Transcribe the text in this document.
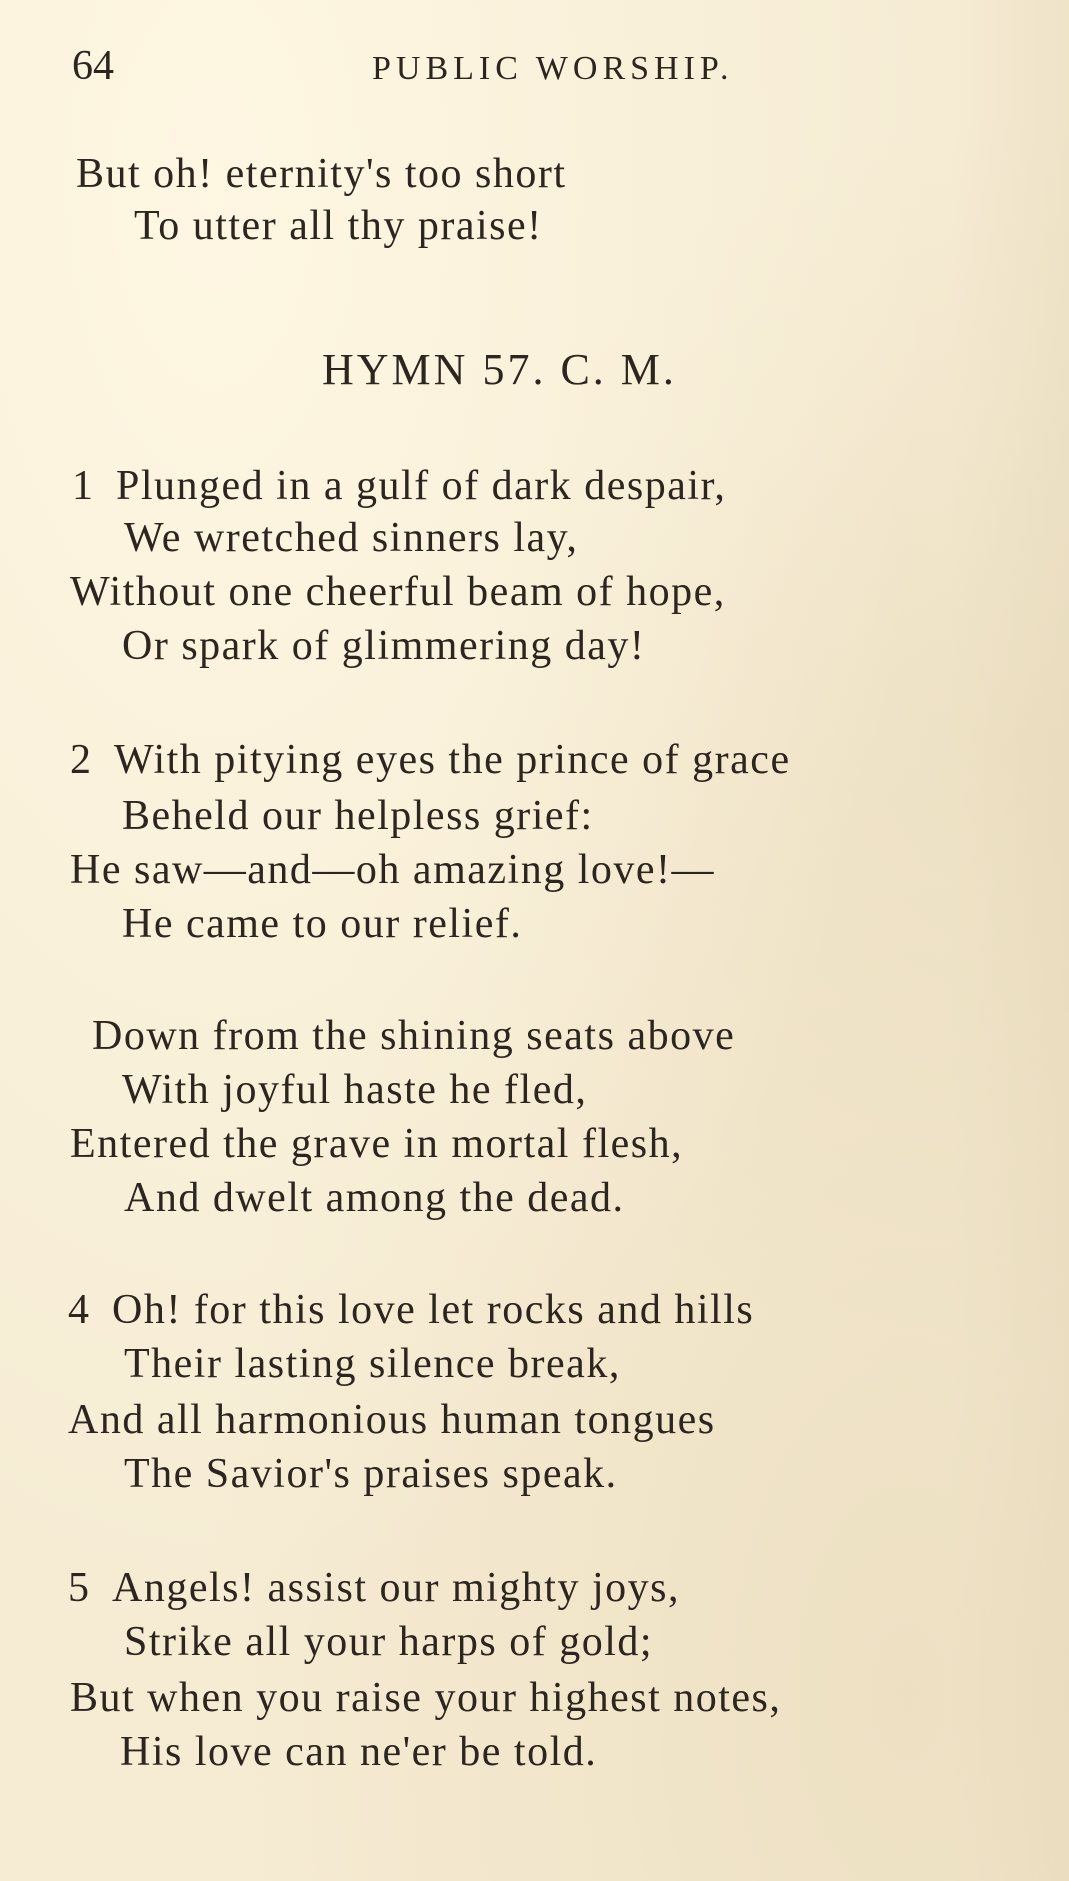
64	PUBLIC WORSHIP.
But oh! eternity's too short
To utter all thy praise!
HYMN 57. C. M.
1 Plunged in a gulf of dark despair,
We wretched sinners lay,
Without one cheerful beam of hope,
Or spark of glimmering day!
2 With pitying eyes the prince of grace
Beheld our helpless grief:
He saw—and—oh amazing love!—
He came to our relief.
Down from the shining seats above
With joyful haste he fled,
Entered the grave in mortal flesh,
And dwelt among the dead.
4 Oh! for this love let rocks and hills
Their lasting silence break,
And all harmonious human tongues
The Savior's praises speak.
5 Angels! assist our mighty joys,
Strike all your harps of gold;
But when you raise your highest notes,
His love can ne'er be told.
